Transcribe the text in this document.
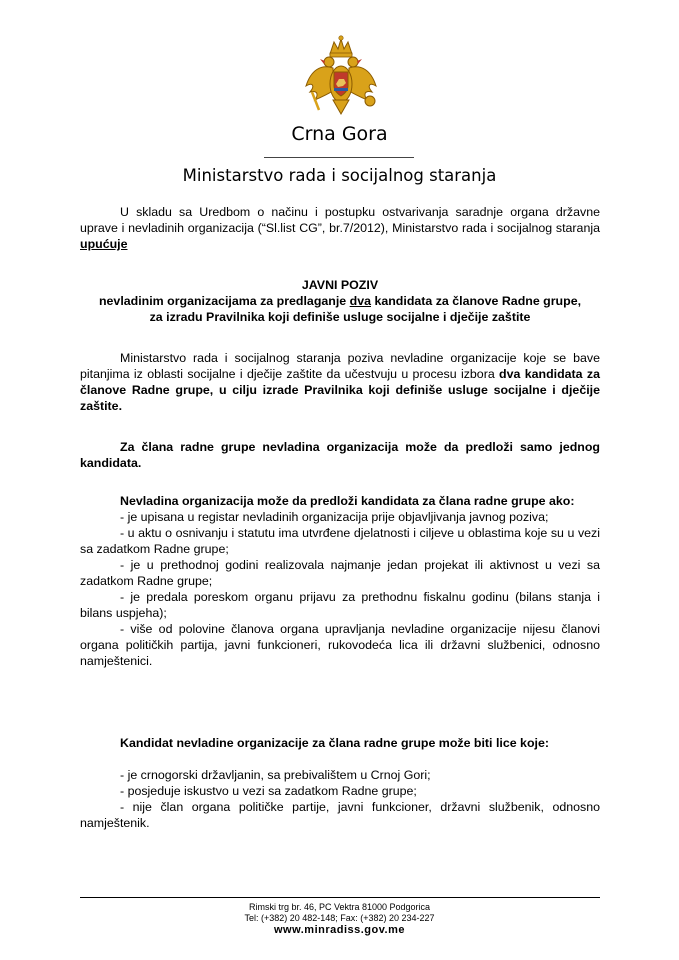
Crna Gora
Ministarstvo rada i socijalnog staranja
U skladu sa Uredbom o načinu i postupku ostvarivanja saradnje organa državne uprave i nevladinih organizacija (“Sl.list CG”, br.7/2012), Ministarstvo rada i socijalnog staranja upućuje
JAVNI POZIV
nevladinim organizacijama za predlaganje dva kandidata za članove Radne grupe,
za izradu Pravilnika koji definiše usluge socijalne i dječije zaštite
Ministarstvo rada i socijalnog staranja poziva nevladine organizacije koje se bave pitanjima iz oblasti socijalne i dječije zaštite da učestvuju u procesu izbora dva kandidata za članove Radne grupe, u cilju izrade Pravilnika koji definiše usluge socijalne i dječije zaštite.
Za člana radne grupe nevladina organizacija može da predloži samo jednog kandidata.
Nevladina organizacija može da predloži kandidata za člana radne grupe ako:
- je upisana u registar nevladinih organizacija prije objavljivanja javnog poziva;
- u aktu o osnivanju i statutu ima utvrđene djelatnosti i ciljeve u oblastima koje su u vezi sa zadatkom Radne grupe;
- je u prethodnoj godini realizovala najmanje jedan projekat ili aktivnost u vezi sa zadatkom Radne grupe;
- je predala poreskom organu prijavu za prethodnu fiskalnu godinu (bilans stanja i bilans uspjeha);
- više od polovine članova organa upravljanja nevladine organizacije nijesu članovi organa političkih partija, javni funkcioneri, rukovodeća lica ili državni službenici, odnosno namještenici.
Kandidat nevladine organizacije za člana radne grupe može biti lice koje:
- je crnogorski državljanin, sa prebivalištem u Crnoj Gori;
- posjeduje iskustvo u vezi sa zadatkom Radne grupe;
- nije član organa političke partije, javni funkcioner, državni službenik, odnosno namještenik.
Rimski trg br. 46, PC Vektra 81000 Podgorica
Tel: (+382) 20 482-148; Fax: (+382) 20 234-227
www.minradiss.gov.me
